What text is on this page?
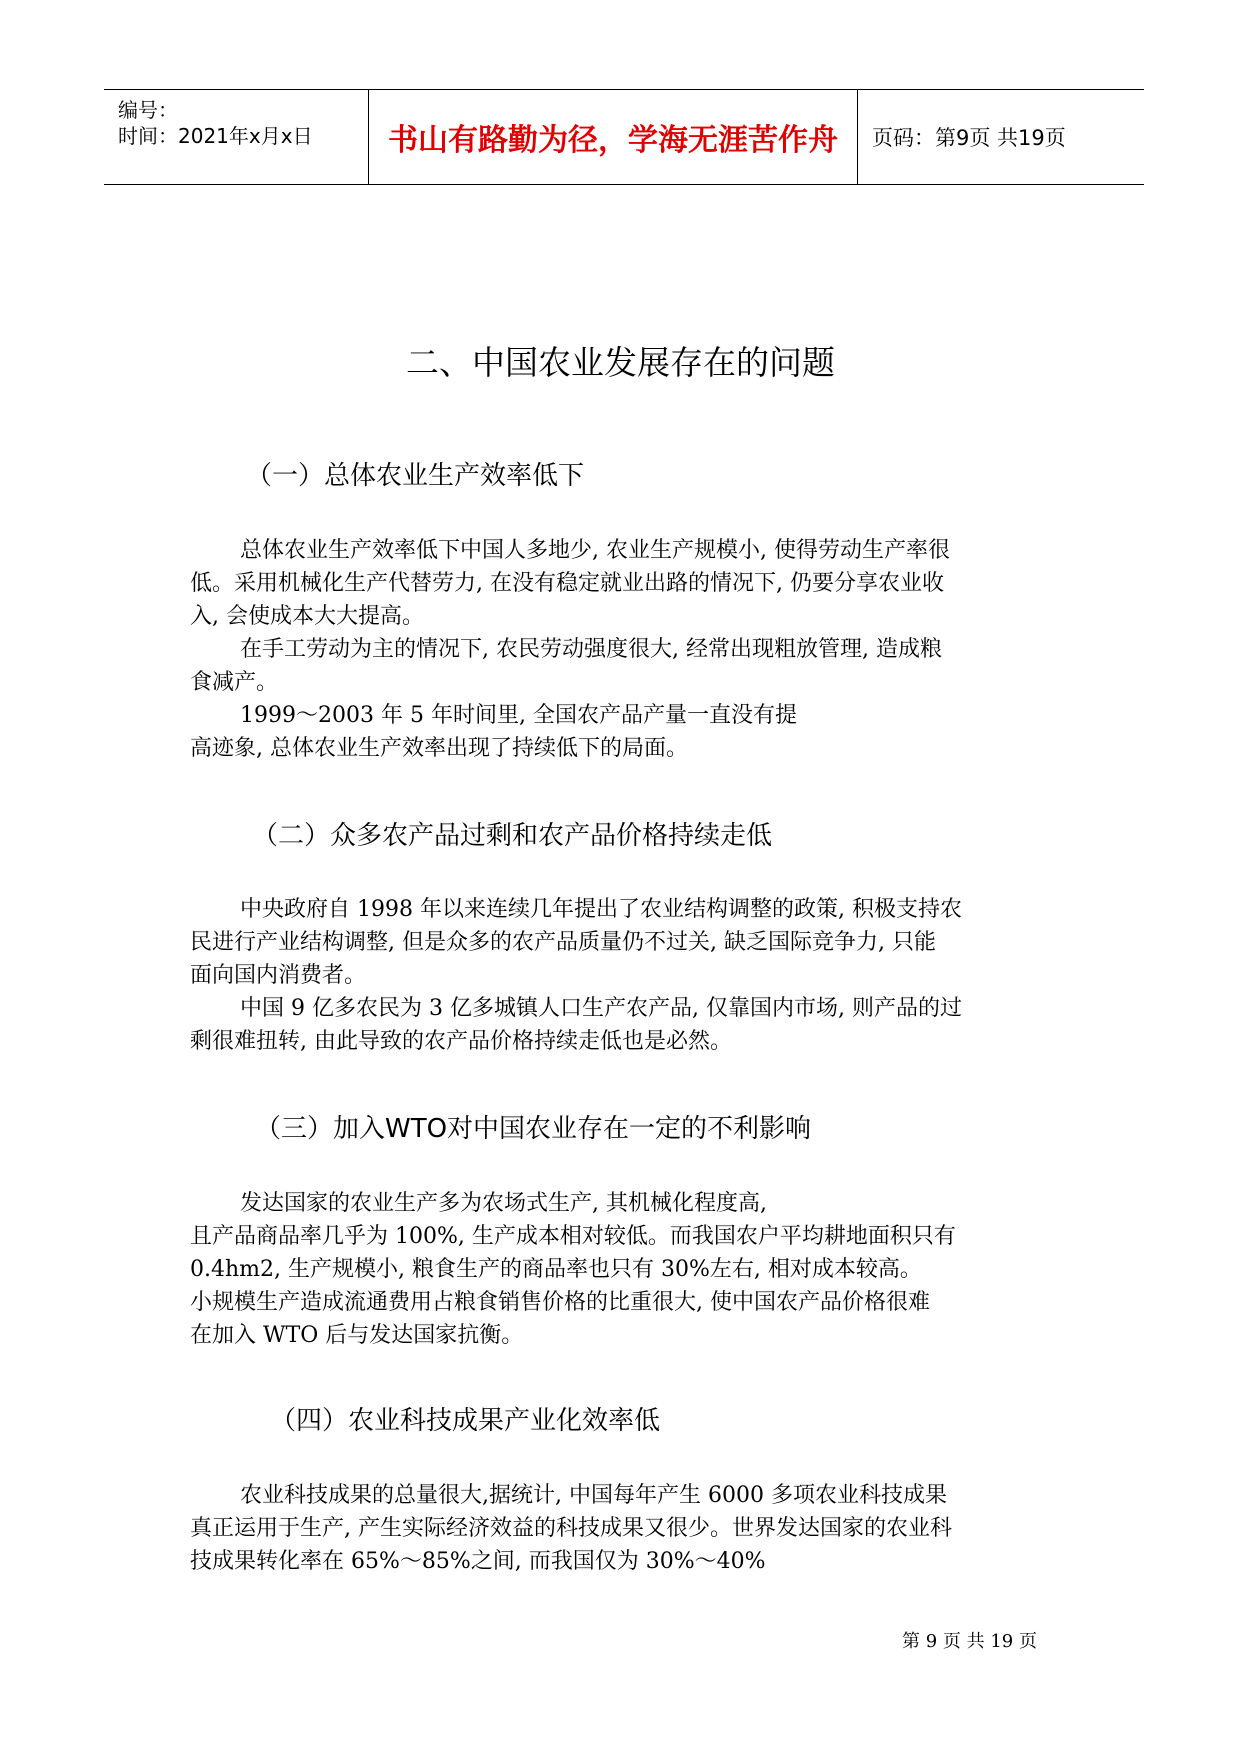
编号：
时间：2021年x月x日	书山有路勤为径，学海无涯苦作舟 页码：第9页 共19页
二、中国农业发展存在的问题
（一）总体农业生产效率低下
总体农业生产效率低下中国人多地少, 农业生产规模小, 使得劳动生产率很
低。采用机械化生产代替劳力, 在没有稳定就业出路的情况下, 仍要分享农业收
入, 会使成本大大提高。
在手工劳动为主的情况下, 农民劳动强度很大, 经常出现粗放管理, 造成粮
食减产。
1999～2003 年 5 年时间里, 全国农产品产量一直没有提
高迹象, 总体农业生产效率出现了持续低下的局面。
（二）众多农产品过剩和农产品价格持续走低
中央政府自 1998 年以来连续几年提出了农业结构调整的政策, 积极支持农
民进行产业结构调整, 但是众多的农产品质量仍不过关, 缺乏国际竞争力, 只能
面向国内消费者。
中国 9 亿多农民为 3 亿多城镇人口生产农产品, 仅靠国内市场, 则产品的过
剩很难扭转, 由此导致的农产品价格持续走低也是必然。
（三）加入WTO对中国农业存在一定的不利影响
发达国家的农业生产多为农场式生产, 其机械化程度高,
且产品商品率几乎为 100%, 生产成本相对较低。而我国农户平均耕地面积只有
0.4hm2, 生产规模小, 粮食生产的商品率也只有 30%左右, 相对成本较高。
小规模生产造成流通费用占粮食销售价格的比重很大, 使中国农产品价格很难
在加入 WTO 后与发达国家抗衡。
（四）农业科技成果产业化效率低
农业科技成果的总量很大,据统计, 中国每年产生 6000 多项农业科技成果
真正运用于生产, 产生实际经济效益的科技成果又很少。世界发达国家的农业科
技成果转化率在 65%～85%之间, 而我国仅为 30%～40%
第 9 页 共 19 页
